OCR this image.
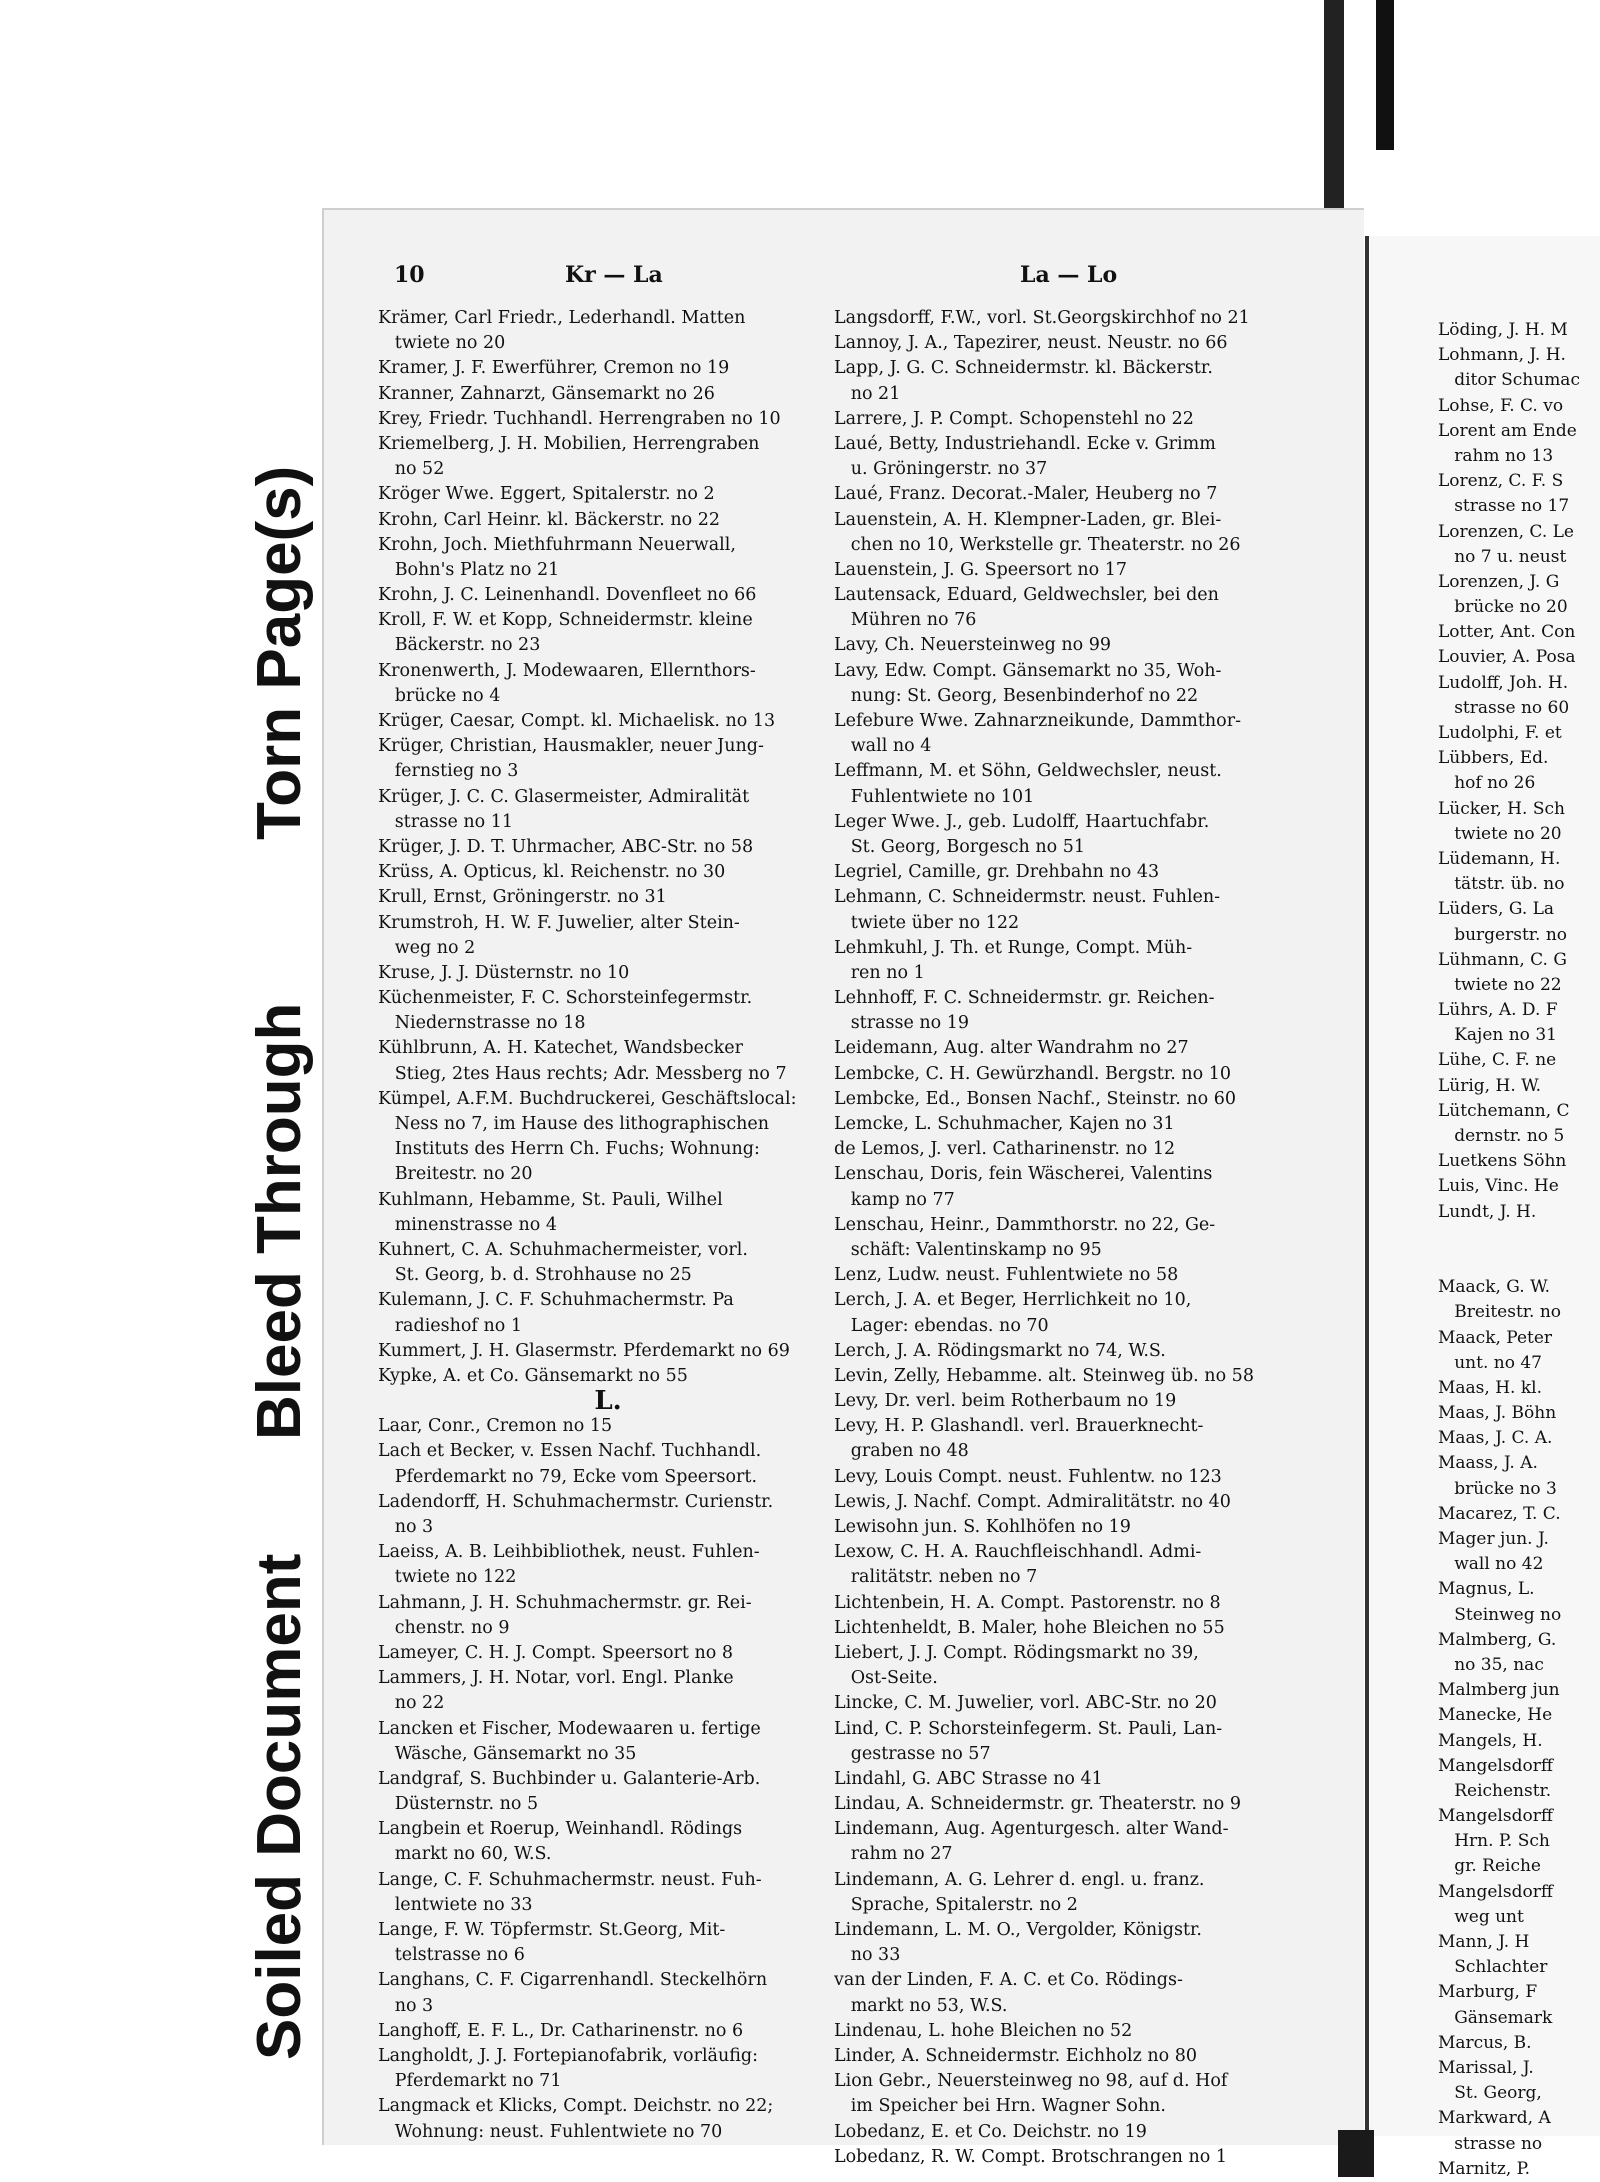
Soiled Document
Bleed Through
Torn Page(s)
10	Kr — La	La — Lo
Krämer, Carl Friedr., Lederhandl. Matten
twiete no 20
Kramer, J. F. Ewerführer, Cremon no 19
Kranner, Zahnarzt, Gänsemarkt no 26
Krey, Friedr. Tuchhandl. Herrengraben no 10
Kriemelberg, J. H. Mobilien, Herrengraben
no 52
Kröger Wwe. Eggert, Spitalerstr. no 2
Krohn, Carl Heinr. kl. Bäckerstr. no 22
Krohn, Joch. Miethfuhrmann Neuerwall,
Bohn's Platz no 21
Krohn, J. C. Leinenhandl. Dovenfleet no 66
Kroll, F. W. et Kopp, Schneidermstr. kleine
Bäckerstr. no 23
Kronenwerth, J. Modewaaren, Ellernthors-
brücke no 4
Krüger, Caesar, Compt. kl. Michaelisk. no 13
Krüger, Christian, Hausmakler, neuer Jung-
fernstieg no 3
Krüger, J. C. C. Glasermeister, Admiralität
strasse no 11
Krüger, J. D. T. Uhrmacher, ABC-Str. no 58
Krüss, A. Opticus, kl. Reichenstr. no 30
Krull, Ernst, Gröningerstr. no 31
Krumstroh, H. W. F. Juwelier, alter Stein-
weg no 2
Kruse, J. J. Düsternstr. no 10
Küchenmeister, F. C. Schorsteinfegermstr.
Niedernstrasse no 18
Kühlbrunn, A. H. Katechet, Wandsbecker
Stieg, 2tes Haus rechts; Adr. Messberg no 7
Kümpel, A.F.M. Buchdruckerei, Geschäftslocal:
Ness no 7, im Hause des lithographischen
Instituts des Herrn Ch. Fuchs; Wohnung:
Breitestr. no 20
Kuhlmann, Hebamme, St. Pauli, Wilhel
minenstrasse no 4
Kuhnert, C. A. Schuhmachermeister, vorl.
St. Georg, b. d. Strohhause no 25
Kulemann, J. C. F. Schuhmachermstr. Pa
radieshof no 1
Kummert, J. H. Glasermstr. Pferdemarkt no 69
Kypke, A. et Co. Gänsemarkt no 55
L.
Laar, Conr., Cremon no 15
Lach et Becker, v. Essen Nachf. Tuchhandl.
Pferdemarkt no 79, Ecke vom Speersort.
Ladendorff, H. Schuhmachermstr. Curienstr.
no 3
Laeiss, A. B. Leihbibliothek, neust. Fuhlen-
twiete no 122
Lahmann, J. H. Schuhmachermstr. gr. Rei-
chenstr. no 9
Lameyer, C. H. J. Compt. Speersort no 8
Lammers, J. H. Notar, vorl. Engl. Planke
no 22
Lancken et Fischer, Modewaaren u. fertige
Wäsche, Gänsemarkt no 35
Landgraf, S. Buchbinder u. Galanterie-Arb.
Düsternstr. no 5
Langbein et Roerup, Weinhandl. Rödings
markt no 60, W.S.
Lange, C. F. Schuhmachermstr. neust. Fuh-
lentwiete no 33
Lange, F. W. Töpfermstr. St.Georg, Mit-
telstrasse no 6
Langhans, C. F. Cigarrenhandl. Steckelhörn
no 3
Langhoff, E. F. L., Dr. Catharinenstr. no 6
Langholdt, J. J. Fortepianofabrik, vorläufig:
Pferdemarkt no 71
Langmack et Klicks, Compt. Deichstr. no 22;
Wohnung: neust. Fuhlentwiete no 70
Langsdorff, F.W., vorl. St.Georgskirchhof no 21
Lannoy, J. A., Tapezirer, neust. Neustr. no 66
Lapp, J. G. C. Schneidermstr. kl. Bäckerstr.
no 21
Larrere, J. P. Compt. Schopenstehl no 22
Laué, Betty, Industriehandl. Ecke v. Grimm
u. Gröningerstr. no 37
Laué, Franz. Decorat.-Maler, Heuberg no 7
Lauenstein, A. H. Klempner-Laden, gr. Blei-
chen no 10, Werkstelle gr. Theaterstr. no 26
Lauenstein, J. G. Speersort no 17
Lautensack, Eduard, Geldwechsler, bei den
Mühren no 76
Lavy, Ch. Neuersteinweg no 99
Lavy, Edw. Compt. Gänsemarkt no 35, Woh-
nung: St. Georg, Besenbinderhof no 22
Lefebure Wwe. Zahnarzneikunde, Dammthor-
wall no 4
Leffmann, M. et Söhn, Geldwechsler, neust.
Fuhlentwiete no 101
Leger Wwe. J., geb. Ludolff, Haartuchfabr.
St. Georg, Borgesch no 51
Legriel, Camille, gr. Drehbahn no 43
Lehmann, C. Schneidermstr. neust. Fuhlen-
twiete über no 122
Lehmkuhl, J. Th. et Runge, Compt. Müh-
ren no 1
Lehnhoff, F. C. Schneidermstr. gr. Reichen-
strasse no 19
Leidemann, Aug. alter Wandrahm no 27
Lembcke, C. H. Gewürzhandl. Bergstr. no 10
Lembcke, Ed., Bonsen Nachf., Steinstr. no 60
Lemcke, L. Schuhmacher, Kajen no 31
de Lemos, J. verl. Catharinenstr. no 12
Lenschau, Doris, fein Wäscherei, Valentins
kamp no 77
Lenschau, Heinr., Dammthorstr. no 22, Ge-
schäft: Valentinskamp no 95
Lenz, Ludw. neust. Fuhlentwiete no 58
Lerch, J. A. et Beger, Herrlichkeit no 10,
Lager: ebendas. no 70
Lerch, J. A. Rödingsmarkt no 74, W.S.
Levin, Zelly, Hebamme. alt. Steinweg üb. no 58
Levy, Dr. verl. beim Rotherbaum no 19
Levy, H. P. Glashandl. verl. Brauerknecht-
graben no 48
Levy, Louis Compt. neust. Fuhlentw. no 123
Lewis, J. Nachf. Compt. Admiralitätstr. no 40
Lewisohn jun. S. Kohlhöfen no 19
Lexow, C. H. A. Rauchfleischhandl. Admi-
ralitätstr. neben no 7
Lichtenbein, H. A. Compt. Pastorenstr. no 8
Lichtenheldt, B. Maler, hohe Bleichen no 55
Liebert, J. J. Compt. Rödingsmarkt no 39,
Ost-Seite.
Lincke, C. M. Juwelier, vorl. ABC-Str. no 20
Lind, C. P. Schorsteinfegerm. St. Pauli, Lan-
gestrasse no 57
Lindahl, G. ABC Strasse no 41
Lindau, A. Schneidermstr. gr. Theaterstr. no 9
Lindemann, Aug. Agenturgesch. alter Wand-
rahm no 27
Lindemann, A. G. Lehrer d. engl. u. franz.
Sprache, Spitalerstr. no 2
Lindemann, L. M. O., Vergolder, Königstr.
no 33
van der Linden, F. A. C. et Co. Rödings-
markt no 53, W.S.
Lindenau, L. hohe Bleichen no 52
Linder, A. Schneidermstr. Eichholz no 80
Lion Gebr., Neuersteinweg no 98, auf d. Hof
im Speicher bei Hrn. Wagner Sohn.
Lobedanz, E. et Co. Deichstr. no 19
Lobedanz, R. W. Compt. Brotschrangen no 1
Löding, J. H. M
Lohmann, J. H.
ditor Schumac
Lohse, F. C. vo
Lorent am Ende
rahm no 13
Lorenz, C. F. S
strasse no 17
Lorenzen, C. Le
no 7 u. neust
Lorenzen, J. G
brücke no 20
Lotter, Ant. Con
Louvier, A. Posa
Ludolff, Joh. H.
strasse no 60
Ludolphi, F. et
Lübbers, Ed.
hof no 26
Lücker, H. Sch
twiete no 20
Lüdemann, H.
tätstr. üb. no
Lüders, G. La
burgerstr. no
Lühmann, C. G
twiete no 22
Lührs, A. D. F
Kajen no 31
Lühe, C. F. ne
Lürig, H. W.
Lütchemann, C
dernstr. no 5
Luetkens Söhn
Luis, Vinc. He
Lundt, J. H.
Maack, G. W.
Breitestr. no
Maack, Peter
unt. no 47
Maas, H. kl.
Maas, J. Böhn
Maas, J. C. A.
Maass, J. A.
brücke no 3
Macarez, T. C.
Mager jun. J.
wall no 42
Magnus, L.
Steinweg no
Malmberg, G.
no 35, nac
Malmberg jun
Manecke, He
Mangels, H.
Mangelsdorff
Reichenstr.
Mangelsdorff
Hrn. P. Sch
gr. Reiche
Mangelsdorff
weg unt
Mann, J. H
Schlachter
Marburg, F
Gänsemark
Marcus, B.
Marissal, J.
St. Georg,
Markward, A
strasse no
Marnitz, P.
